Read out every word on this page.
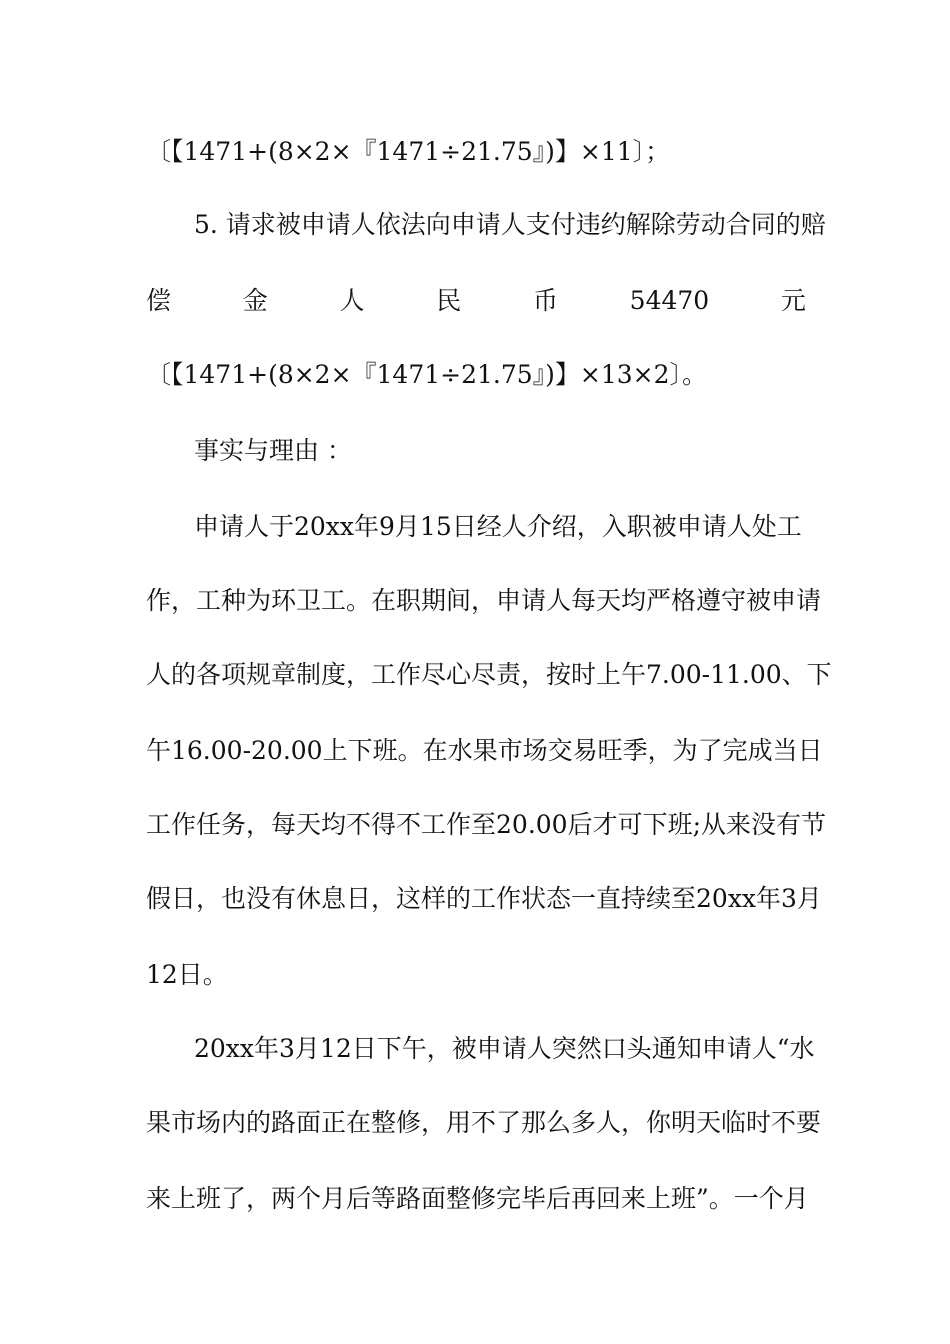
〔【1471+(8×2×『1471÷21.75』)】×11〕；
5. 请求被申请人依法向申请人支付违约解除劳动合同的赔
偿	金	人	民	币	54470	元
〔【1471+(8×2×『1471÷21.75』)】×13×2〕。
事实与理由 ：
申请人于20xx年9月15日经人介绍，入职被申请人处工
作，工种为环卫工。在职期间，申请人每天均严格遵守被申请
人的各项规章制度，工作尽心尽责，按时上午7.00-11.00、下
午16.00-20.00上下班。在水果市场交易旺季，为了完成当日
工作任务，每天均不得不工作至20.00后才可下班;从来没有节
假日，也没有休息日，这样的工作状态一直持续至20xx年3月
12日。
20xx年3月12日下午，被申请人突然口头通知申请人“水
果市场内的路面正在整修，用不了那么多人，你明天临时不要
来上班了，两个月后等路面整修完毕后再回来上班”。一个月
